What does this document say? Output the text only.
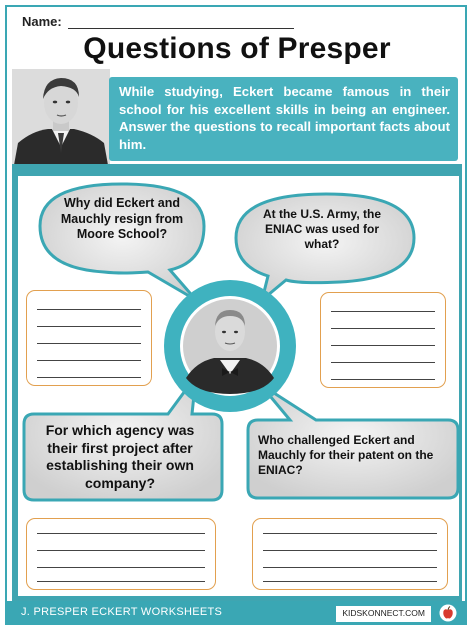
Name:
Questions of Presper
While studying, Eckert became famous in their school for his excellent skills in being an engineer. Answer the questions to recall important facts about him.
Why did Eckert and Mauchly resign from Moore School?
At the U.S. Army, the ENIAC was used for what?
For which agency was their first project after establishing their own company?
Who challenged Eckert and Mauchly for their patent on the ENIAC?
J. PRESPER ECKERT WORKSHEETS	KIDSKONNECT.COM
